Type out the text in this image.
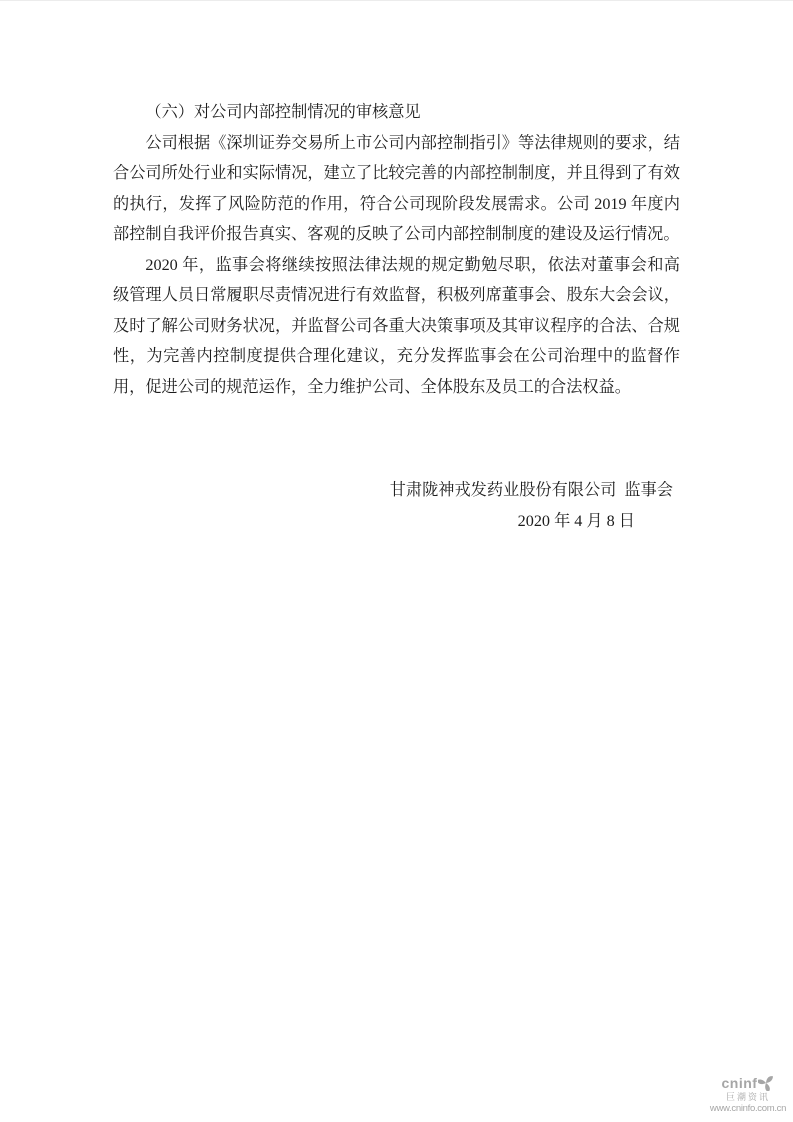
（六）对公司内部控制情况的审核意见

公司根据《深圳证券交易所上市公司内部控制指引》等法律规则的要求，结合公司所处行业和实际情况，建立了比较完善的内部控制制度，并且得到了有效的执行，发挥了风险防范的作用，符合公司现阶段发展需求。公司 2019 年度内部控制自我评价报告真实、客观的反映了公司内部控制制度的建设及运行情况。

2020 年，监事会将继续按照法律法规的规定勤勉尽职，依法对董事会和高级管理人员日常履职尽责情况进行有效监督，积极列席董事会、股东大会会议，及时了解公司财务状况，并监督公司各重大决策事项及其审议程序的合法、合规性，为完善内控制度提供合理化建议，充分发挥监事会在公司治理中的监督作用，促进公司的规范运作，全力维护公司、全体股东及员工的合法权益。

甘肃陇神戎发药业股份有限公司 监事会
2020 年 4 月 8 日
cninf
巨潮资讯
www.cninfo.com.cn
